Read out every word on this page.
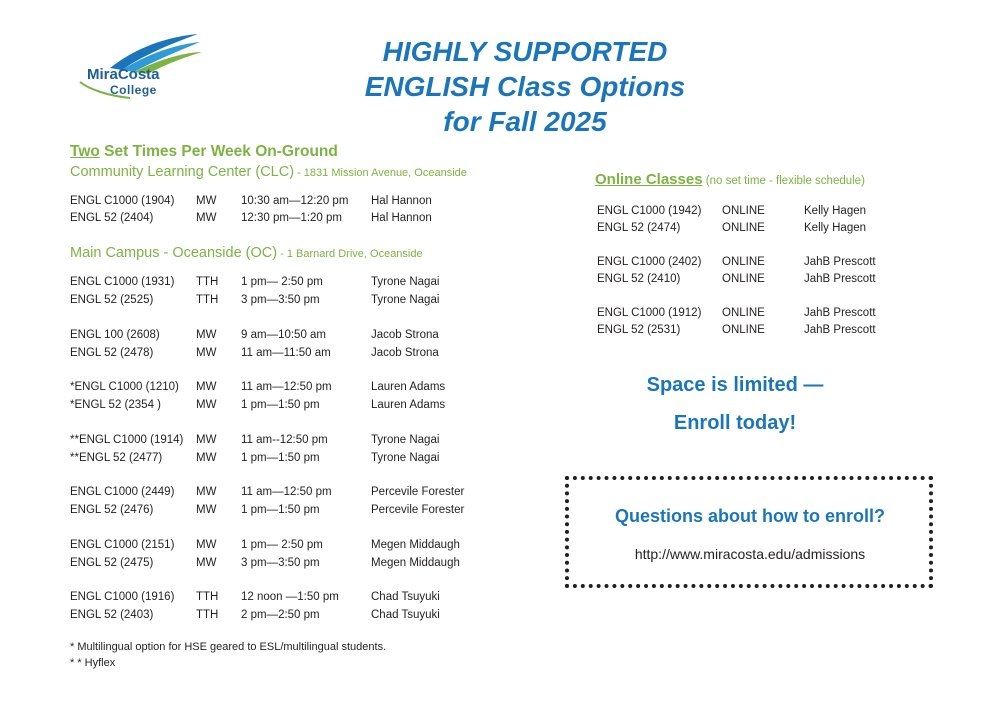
MiraCosta
College
HIGHLY SUPPORTED
ENGLISH Class Options
for Fall 2025
Two Set Times Per Week On-Ground
Community Learning Center (CLC) - 1831 Mission Avenue, Oceanside
ENGL C1000 (1904) MW 10:30 am—12:20 pm Hal Hannon
ENGL 52 (2404)	MW 12:30 pm—1:20 pm	Hal Hannon
Main Campus - Oceanside (OC) - 1 Barnard Drive, Oceanside
ENGL C1000 (1931) TTH 1 pm— 2:50 pm	Tyrone Nagai
ENGL 52 (2525)	TTH 3 pm—3:50 pm	Tyrone Nagai
ENGL 100 (2608)	MW 9 am—10:50 am	Jacob Strona
ENGL 52 (2478)	MW 11 am—11:50 am	Jacob Strona
*ENGL C1000 (1210) MW 11 am—12:50 pm	Lauren Adams
*ENGL 52 (2354 )	MW 1 pm—1:50 pm	Lauren Adams
**ENGL C1000 (1914) MW 11 am--12:50 pm	Tyrone Nagai
**ENGL 52 (2477)	MW 1 pm—1:50 pm	Tyrone Nagai
ENGL C1000 (2449) MW 11 am—12:50 pm	Percevile Forester
ENGL 52 (2476)	MW 1 pm—1:50 pm	Percevile Forester
ENGL C1000 (2151) MW 1 pm— 2:50 pm	Megen Middaugh
ENGL 52 (2475)	MW 3 pm—3:50 pm	Megen Middaugh
ENGL C1000 (1916) TTH 12 noon —1:50 pm	Chad Tsuyuki
ENGL 52 (2403)	TTH 2 pm—2:50 pm	Chad Tsuyuki
Online Classes (no set time - flexible schedule)
ENGL C1000 (1942) ONLINE	Kelly Hagen
ENGL 52 (2474)	ONLINE	Kelly Hagen
ENGL C1000 (2402) ONLINE	JahB Prescott
ENGL 52 (2410)	ONLINE	JahB Prescott
ENGL C1000 (1912) ONLINE	JahB Prescott
ENGL 52 (2531)	ONLINE	JahB Prescott
Space is limited —
Enroll today!
Questions about how to enroll?
http://www.miracosta.edu/admissions
* Multilingual option for HSE geared to ESL/multilingual students.
* * Hyflex
